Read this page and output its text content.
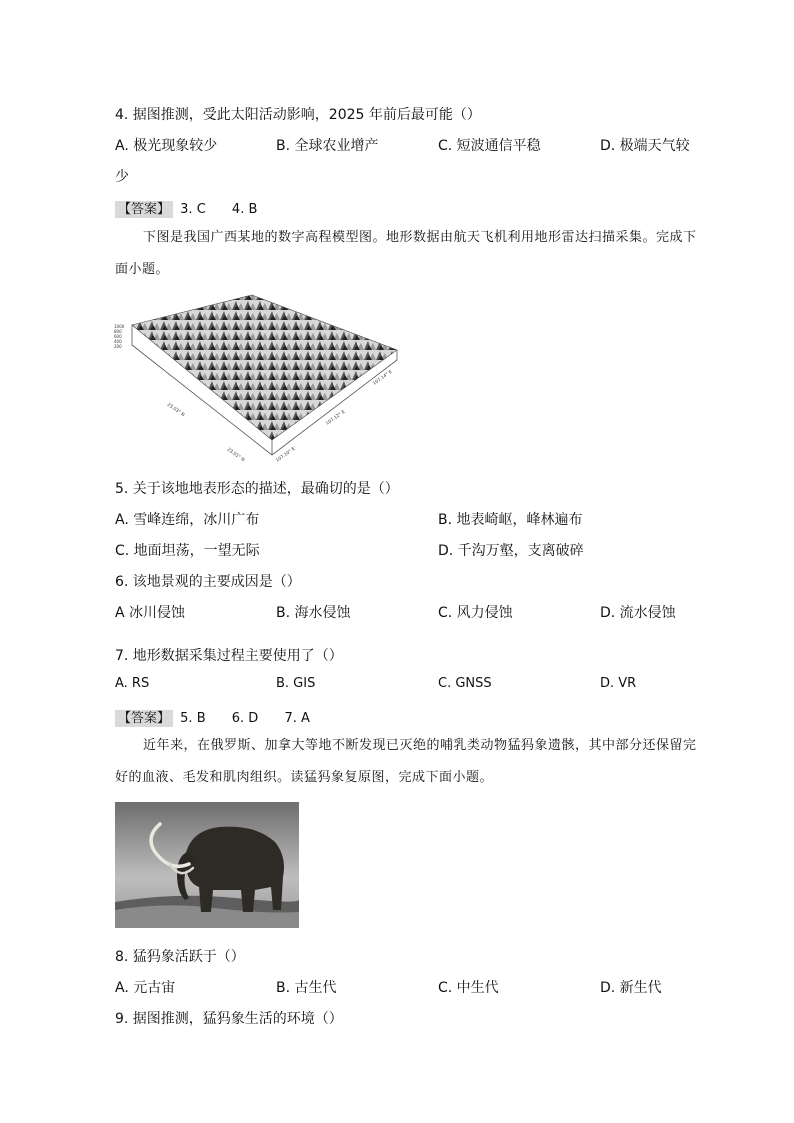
4. 据图推测，受此太阳活动影响，2025 年前后最可能（）
A. 极光现象较少	B. 全球农业增产	C. 短波通信平稳	D. 极端天气较
少
【答案】 3. C 4. B
下图是我国广西某地的数字高程模型图。地形数据由航天飞机利用地形雷达扫描采集。完成下面小题。
1000
800
600
400
200
23.03° N
23.01° N	107.10° E
107.12° E
107.14° E
5. 关于该地地表形态的描述，最确切的是（）
A. 雪峰连绵，冰川广布	B. 地表崎岖，峰林遍布
C. 地面坦荡，一望无际	D. 千沟万壑，支离破碎
6. 该地景观的主要成因是（）
A 冰川侵蚀	B. 海水侵蚀	C. 风力侵蚀	D. 流水侵蚀
7. 地形数据采集过程主要使用了（）
A. RS	B. GIS	C. GNSS	D. VR
【答案】 5. B 6. D 7. A
近年来，在俄罗斯、加拿大等地不断发现已灭绝的哺乳类动物猛犸象遗骸，其中部分还保留完好的血液、毛发和肌肉组织。读猛犸象复原图，完成下面小题。
8. 猛犸象活跃于（）
A. 元古宙	B. 古生代	C. 中生代	D. 新生代
9. 据图推测，猛犸象生活的环境（）
